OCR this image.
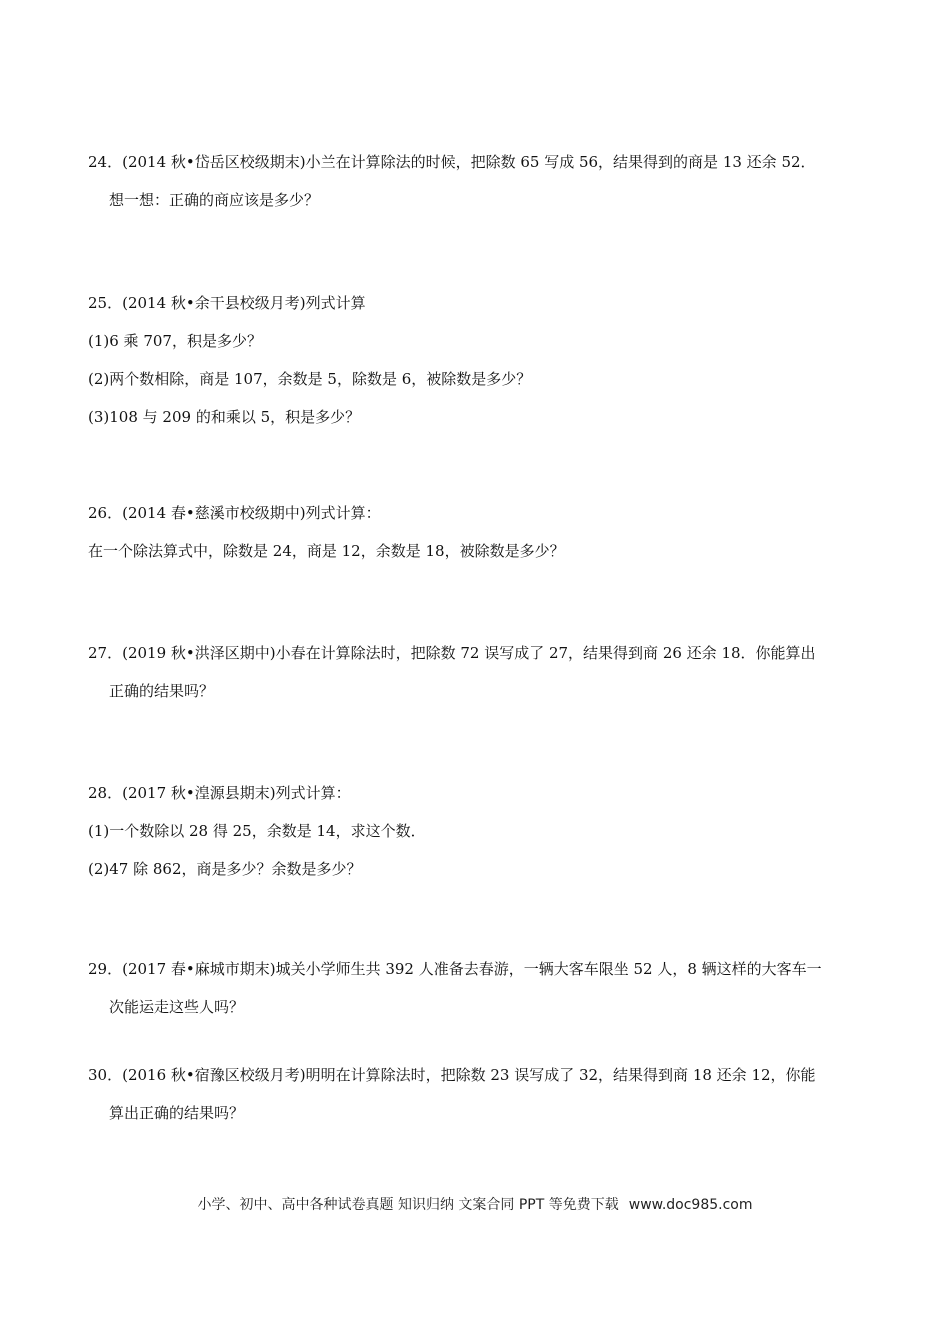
24．(2014 秋•岱岳区校级期末)小兰在计算除法的时候，把除数 65 写成 56，结果得到的商是 13 还余 52．
想一想：正确的商应该是多少？
25．(2014 秋•余干县校级月考)列式计算
(1)6 乘 707，积是多少？
(2)两个数相除，商是 107，余数是 5，除数是 6，被除数是多少？
(3)108 与 209 的和乘以 5，积是多少？
26．(2014 春•慈溪市校级期中)列式计算：
在一个除法算式中，除数是 24，商是 12，余数是 18，被除数是多少？
27．(2019 秋•洪泽区期中)小春在计算除法时，把除数 72 误写成了 27，结果得到商 26 还余 18．你能算出
正确的结果吗？
28．(2017 秋•湟源县期末)列式计算：
(1)一个数除以 28 得 25，余数是 14，求这个数．
(2)47 除 862，商是多少？余数是多少？
29．(2017 春•麻城市期末)城关小学师生共 392 人准备去春游，一辆大客车限坐 52 人，8 辆这样的大客车一
次能运走这些人吗？
30．(2016 秋•宿豫区校级月考)明明在计算除法时，把除数 23 误写成了 32，结果得到商 18 还余 12，你能
算出正确的结果吗？
小学、初中、高中各种试卷真题 知识归纳 文案合同 PPT 等免费下载 www.doc985.com
